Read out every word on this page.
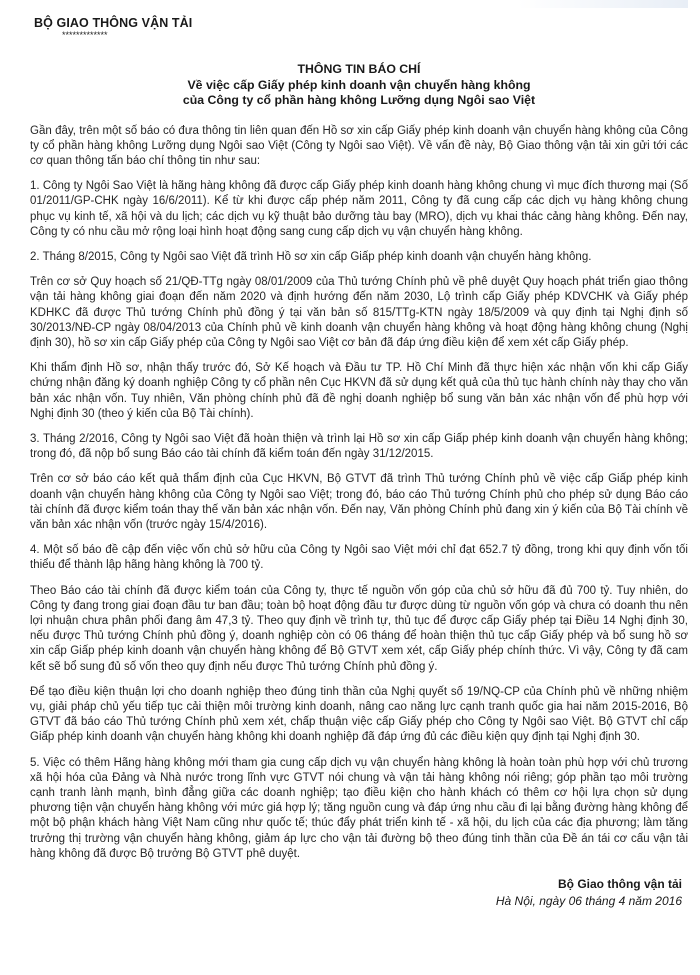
BỘ GIAO THÔNG VẬN TẢI
*************
THÔNG TIN BÁO CHÍ
Về việc cấp Giấy phép kinh doanh vận chuyển hàng không
của Công ty cổ phần hàng không Lưỡng dụng Ngôi sao Việt

Gần đây, trên một số báo có đưa thông tin liên quan đến Hồ sơ xin cấp Giấy phép kinh doanh vận chuyển hàng không của Công ty cổ phần hàng không Lưỡng dụng Ngôi sao Việt (Công ty Ngôi sao Việt). Về vấn đề này, Bộ Giao thông vận tải xin gửi tới các cơ quan thông tấn báo chí thông tin như sau:

1. Công ty Ngôi Sao Việt là hãng hàng không đã được cấp Giấy phép kinh doanh hàng không chung vì mục đích thương mại (Số 01/2011/GP-CHK ngày 16/6/2011). Kể từ khi được cấp phép năm 2011, Công ty đã cung cấp các dịch vụ hàng không chung phục vụ kinh tế, xã hội và du lịch; các dịch vụ kỹ thuật bảo dưỡng tàu bay (MRO), dịch vụ khai thác cảng hàng không. Đến nay, Công ty có nhu cầu mở rộng loại hình hoạt động sang cung cấp dịch vụ vận chuyển hàng không.

2. Tháng 8/2015, Công ty Ngôi sao Việt đã trình Hồ sơ xin cấp Giấp phép kinh doanh vận chuyển hàng không.

Trên cơ sở Quy hoạch số 21/QĐ-TTg ngày 08/01/2009 của Thủ tướng Chính phủ về phê duyệt Quy hoạch phát triển giao thông vận tải hàng không giai đoạn đến năm 2020 và định hướng đến năm 2030, Lộ trình cấp Giấy phép KDVCHK và Giấy phép KDHKC đã được Thủ tướng Chính phủ đồng ý tại văn bản số 815/TTg-KTN ngày 18/5/2009 và quy định tại Nghị định số 30/2013/NĐ-CP ngày 08/04/2013 của Chính phủ về kinh doanh vận chuyển hàng không và hoạt động hàng không chung (Nghị định 30), hồ sơ xin cấp Giấy phép của Công ty Ngôi sao Việt cơ bản đã đáp ứng điều kiện để xem xét cấp Giấy phép.

Khi thẩm định Hồ sơ, nhận thấy trước đó, Sở Kế hoạch và Đầu tư TP. Hồ Chí Minh đã thực hiện xác nhận vốn khi cấp Giấy chứng nhận đăng ký doanh nghiệp Công ty cổ phần nên Cục HKVN đã sử dụng kết quả của thủ tục hành chính này thay cho văn bản xác nhận vốn. Tuy nhiên, Văn phòng chính phủ đã đề nghị doanh nghiệp bổ sung văn bản xác nhận vốn để phù hợp với Nghị định 30 (theo ý kiến của Bộ Tài chính).

3. Tháng 2/2016, Công ty Ngôi sao Việt đã hoàn thiện và trình lại Hồ sơ xin cấp Giấp phép kinh doanh vận chuyển hàng không; trong đó, đã nộp bổ sung Báo cáo tài chính đã kiểm toán đến ngày 31/12/2015.

Trên cơ sở báo cáo kết quả thẩm định của Cục HKVN, Bộ GTVT đã trình Thủ tướng Chính phủ về việc cấp Giấp phép kinh doanh vận chuyển hàng không của Công ty Ngôi sao Việt; trong đó, báo cáo Thủ tướng Chính phủ cho phép sử dụng Báo cáo tài chính đã được kiểm toán thay thế văn bản xác nhận vốn. Đến nay, Văn phòng Chính phủ đang xin ý kiến của Bộ Tài chính về văn bản xác nhận vốn (trước ngày 15/4/2016).

4. Một số báo đề cập đến việc vốn chủ sở hữu của Công ty Ngôi sao Việt mới chỉ đạt 652.7 tỷ đồng, trong khi quy định vốn tối thiểu để thành lập hãng hàng không là 700 tỷ.

Theo Báo cáo tài chính đã được kiểm toán của Công ty, thực tế nguồn vốn góp của chủ sở hữu đã đủ 700 tỷ. Tuy nhiên, do Công ty đang trong giai đoạn đầu tư ban đầu; toàn bộ hoạt động đầu tư được dùng từ nguồn vốn góp và chưa có doanh thu nên lợi nhuận chưa phân phối đang âm 47,3 tỷ. Theo quy định về trình tự, thủ tục để được cấp Giấy phép tại Điều 14 Nghị định 30, nếu được Thủ tướng Chính phủ đồng ý, doanh nghiệp còn có 06 tháng để hoàn thiện thủ tục cấp Giấy phép và bổ sung hồ sơ xin cấp Giấp phép kinh doanh vận chuyển hàng không để Bộ GTVT xem xét, cấp Giấy phép chính thức. Vì vậy, Công ty đã cam kết sẽ bổ sung đủ số vốn theo quy định nếu được Thủ tướng Chính phủ đồng ý.

Để tạo điều kiện thuận lợi cho doanh nghiệp theo đúng tinh thần của Nghị quyết số 19/NQ-CP của Chính phủ về những nhiệm vụ, giải pháp chủ yếu tiếp tục cải thiện môi trường kinh doanh, nâng cao năng lực cạnh tranh quốc gia hai năm 2015-2016, Bộ GTVT đã báo cáo Thủ tướng Chính phủ xem xét, chấp thuận việc cấp Giấy phép cho Công ty Ngôi sao Việt. Bộ GTVT chỉ cấp Giấp phép kinh doanh vận chuyển hàng không khi doanh nghiệp đã đáp ứng đủ các điều kiện quy định tại Nghị định 30.

5. Việc có thêm Hãng hàng không mới tham gia cung cấp dịch vụ vận chuyển hàng không là hoàn toàn phù hợp với chủ trương xã hội hóa của Đảng và Nhà nước trong lĩnh vực GTVT nói chung và vận tải hàng không nói riêng; góp phần tạo môi trường cạnh tranh lành mạnh, bình đẳng giữa các doanh nghiệp; tạo điều kiện cho hành khách có thêm cơ hội lựa chọn sử dụng phương tiện vận chuyển hàng không với mức giá hợp lý; tăng nguồn cung và đáp ứng nhu cầu đi lại bằng đường hàng không để một bộ phận khách hàng Việt Nam cũng như quốc tế; thúc đẩy phát triển kinh tế - xã hội, du lịch của các địa phương; làm tăng trưởng thị trường vận chuyển hàng không, giảm áp lực cho vận tải đường bộ theo đúng tinh thần của Đề án tái cơ cấu vận tải hàng không đã được Bộ trưởng Bộ GTVT phê duyệt.

Bộ Giao thông vận tải
Hà Nội, ngày 06 tháng 4 năm 2016
